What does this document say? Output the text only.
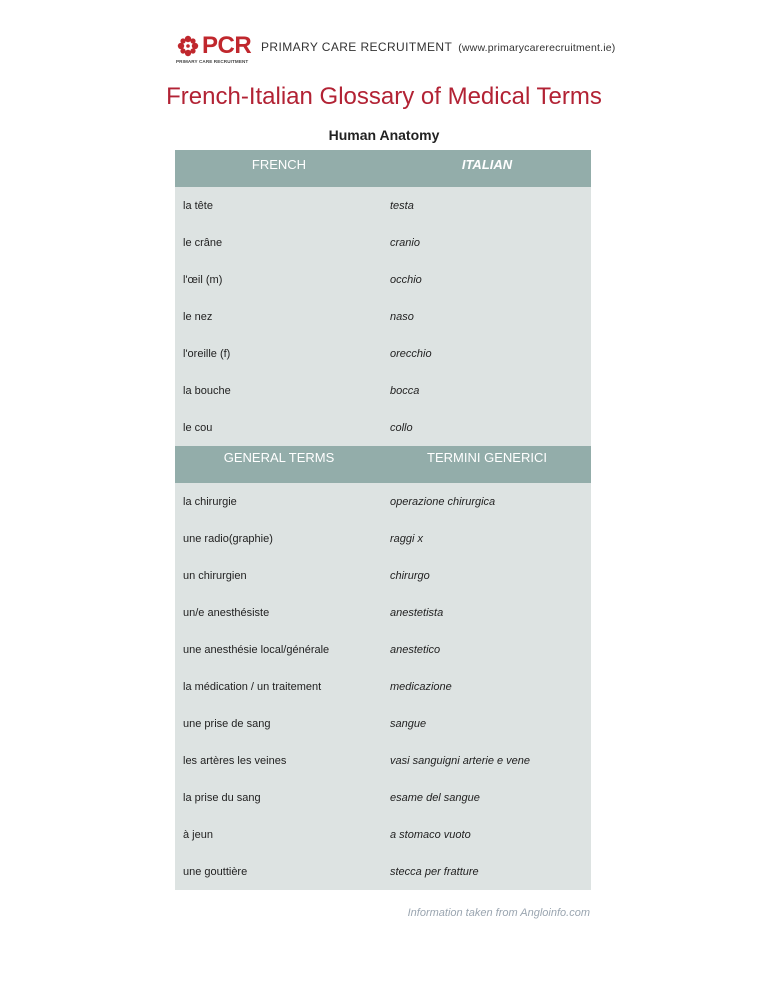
PCR
PRIMARY CARE RECRUITMENT
PRIMARY CARE RECRUITMENT (www.primarycarerecruitment.ie)
French-Italian Glossary of Medical Terms
Human Anatomy
FRENCH	ITALIAN
la tête	testa
le crâne	cranio
l'œil (m)	occhio
le nez	naso
l'oreille (f)	orecchio
la bouche	bocca
le cou	collo
GENERAL TERMS	TERMINI GENERICI
la chirurgie	operazione chirurgica
une radio(graphie)	raggi x
un chirurgien	chirurgo
un/e anesthésiste	anestetista
une anesthésie local/générale	anestetico
la médication / un traitement	medicazione
une prise de sang	sangue
les artères les veines	vasi sanguigni arterie e vene
la prise du sang	esame del sangue
à jeun	a stomaco vuoto
une gouttière	stecca per fratture
Information taken from Angloinfo.com
